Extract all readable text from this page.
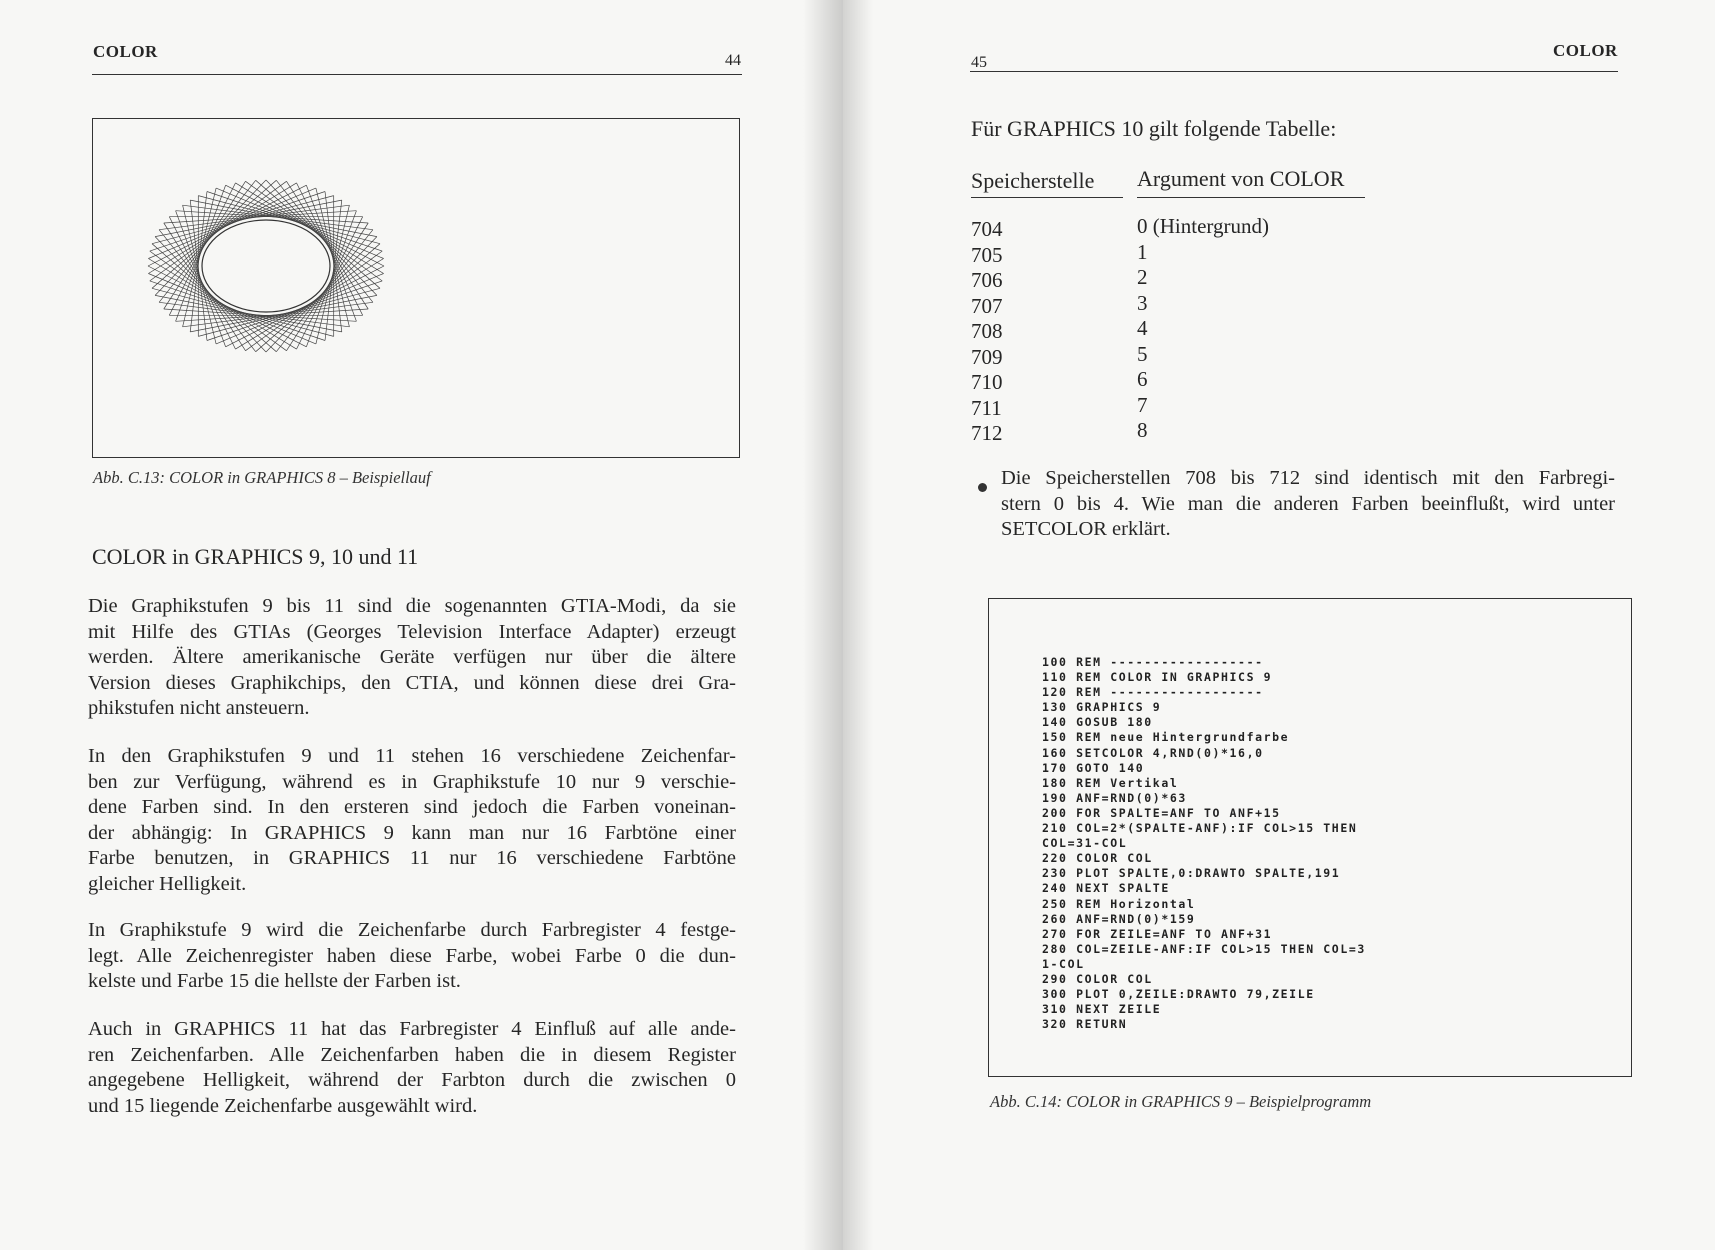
COLOR	44
Abb. C.13: COLOR in GRAPHICS 8 – Beispiellauf
COLOR in GRAPHICS 9, 10 und 11
Die Graphikstufen 9 bis 11 sind die sogenannten GTIA-Modi, da sie
mit Hilfe des GTIAs (Georges Television Interface Adapter) erzeugt
werden. Ältere amerikanische Geräte verfügen nur über die ältere
Version dieses Graphikchips, den CTIA, und können diese drei Gra-
phikstufen nicht ansteuern.
In den Graphikstufen 9 und 11 stehen 16 verschiedene Zeichenfar-
ben zur Verfügung, während es in Graphikstufe 10 nur 9 verschie-
dene Farben sind. In den ersteren sind jedoch die Farben voneinan-
der abhängig: In GRAPHICS 9 kann man nur 16 Farbtöne einer
Farbe benutzen, in GRAPHICS 11 nur 16 verschiedene Farbtöne
gleicher Helligkeit.
In Graphikstufe 9 wird die Zeichenfarbe durch Farbregister 4 festge-
legt. Alle Zeichenregister haben diese Farbe, wobei Farbe 0 die dun-
kelste und Farbe 15 die hellste der Farben ist.
Auch in GRAPHICS 11 hat das Farbregister 4 Einfluß auf alle ande-
ren Zeichenfarben. Alle Zeichenfarben haben die in diesem Register
angegebene Helligkeit, während der Farbton durch die zwischen 0
und 15 liegende Zeichenfarbe ausgewählt wird.
45
COLOR
Für GRAPHICS 10 gilt folgende Tabelle:
Speicherstelle Argument von COLOR
704
705
706
707
708
709
710
711
712
0 (Hintergrund)
1
2
3
4
5
6
7
8
Die Speicherstellen 708 bis 712 sind identisch mit den Farbregi-
stern 0 bis 4. Wie man die anderen Farben beeinflußt, wird unter
SETCOLOR erklärt.
100 REM ------------------
110 REM COLOR IN GRAPHICS 9
120 REM ------------------
130 GRAPHICS 9
140 GOSUB 180
150 REM neue Hintergrundfarbe
160 SETCOLOR 4,RND(0)*16,0
170 GOTO 140
180 REM Vertikal
190 ANF=RND(0)*63
200 FOR SPALTE=ANF TO ANF+15
210 COL=2*(SPALTE-ANF):IF COL>15 THEN
COL=31-COL
220 COLOR COL
230 PLOT SPALTE,0:DRAWTO SPALTE,191
240 NEXT SPALTE
250 REM Horizontal
260 ANF=RND(0)*159
270 FOR ZEILE=ANF TO ANF+31
280 COL=ZEILE-ANF:IF COL>15 THEN COL=3
1-COL
290 COLOR COL
300 PLOT 0,ZEILE:DRAWTO 79,ZEILE
310 NEXT ZEILE
320 RETURN
Abb. C.14: COLOR in GRAPHICS 9 – Beispielprogramm
